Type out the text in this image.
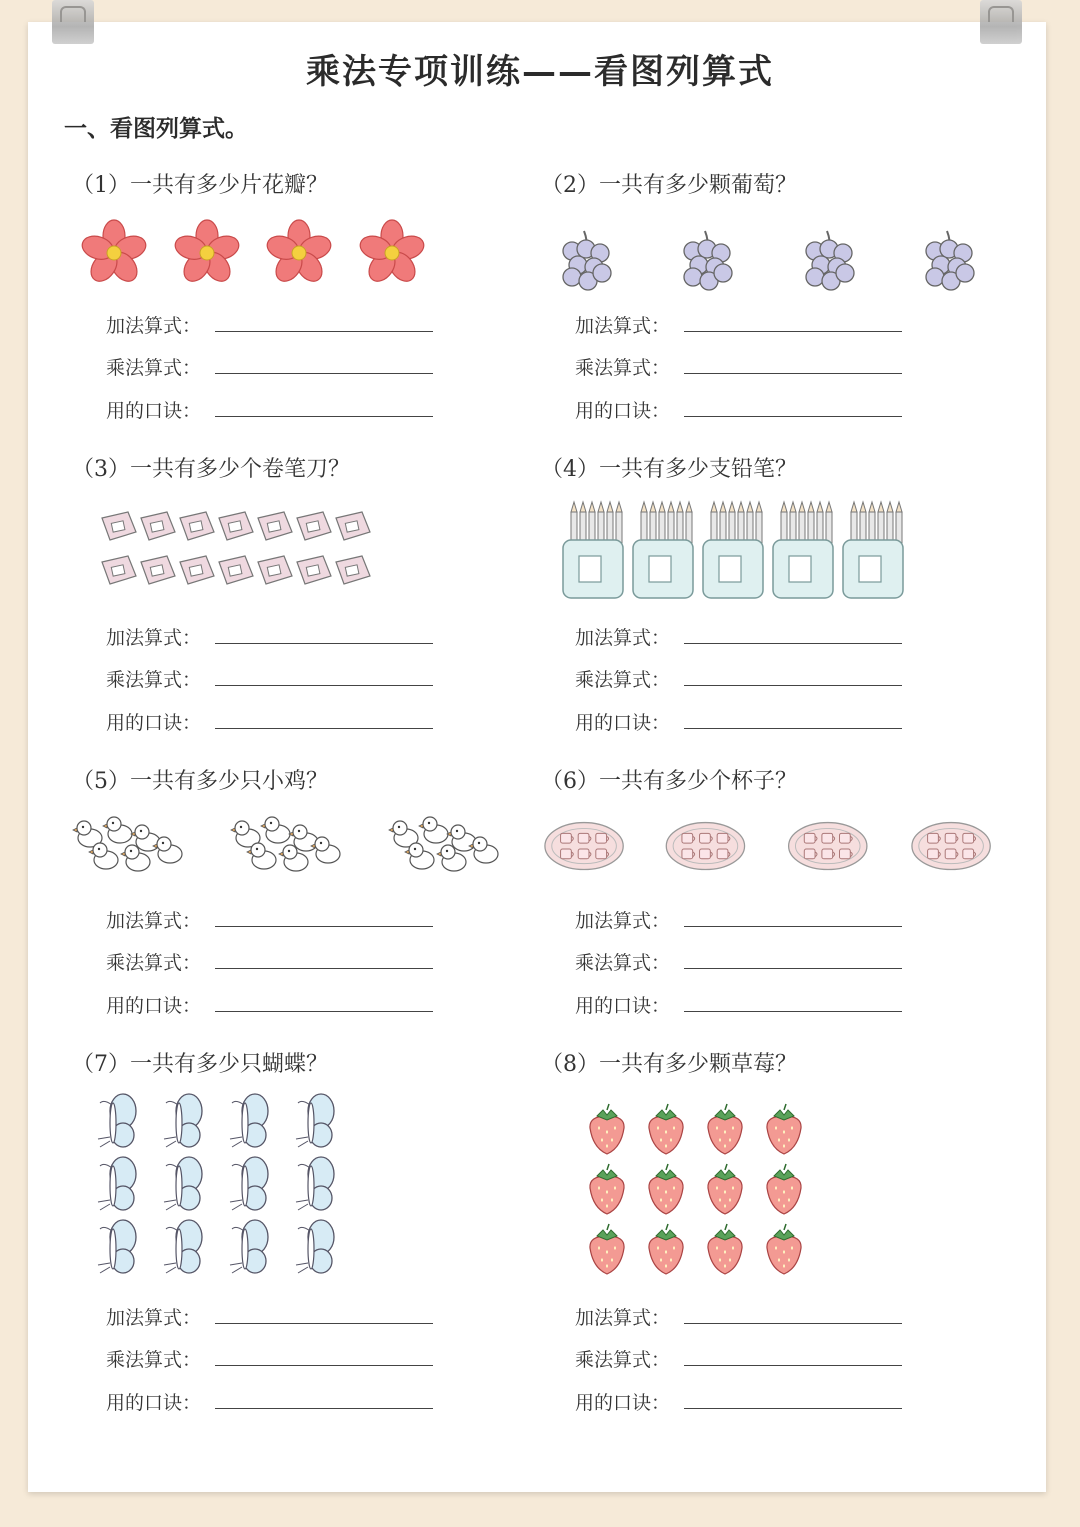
乘法专项训练——看图列算式
一、看图列算式。
（1）一共有多少片花瓣？
加法算式：
乘法算式：
用的口诀：
（2）一共有多少颗葡萄？
加法算式：
乘法算式：
用的口诀：
（3）一共有多少个卷笔刀？
加法算式：
乘法算式：
用的口诀：
（4）一共有多少支铅笔？
加法算式：
乘法算式：
用的口诀：
（5）一共有多少只小鸡？
加法算式：
乘法算式：
用的口诀：
（6）一共有多少个杯子？
加法算式：
乘法算式：
用的口诀：
（7）一共有多少只蝴蝶？
加法算式：
乘法算式：
用的口诀：
（8）一共有多少颗草莓？
加法算式：
乘法算式：
用的口诀：
